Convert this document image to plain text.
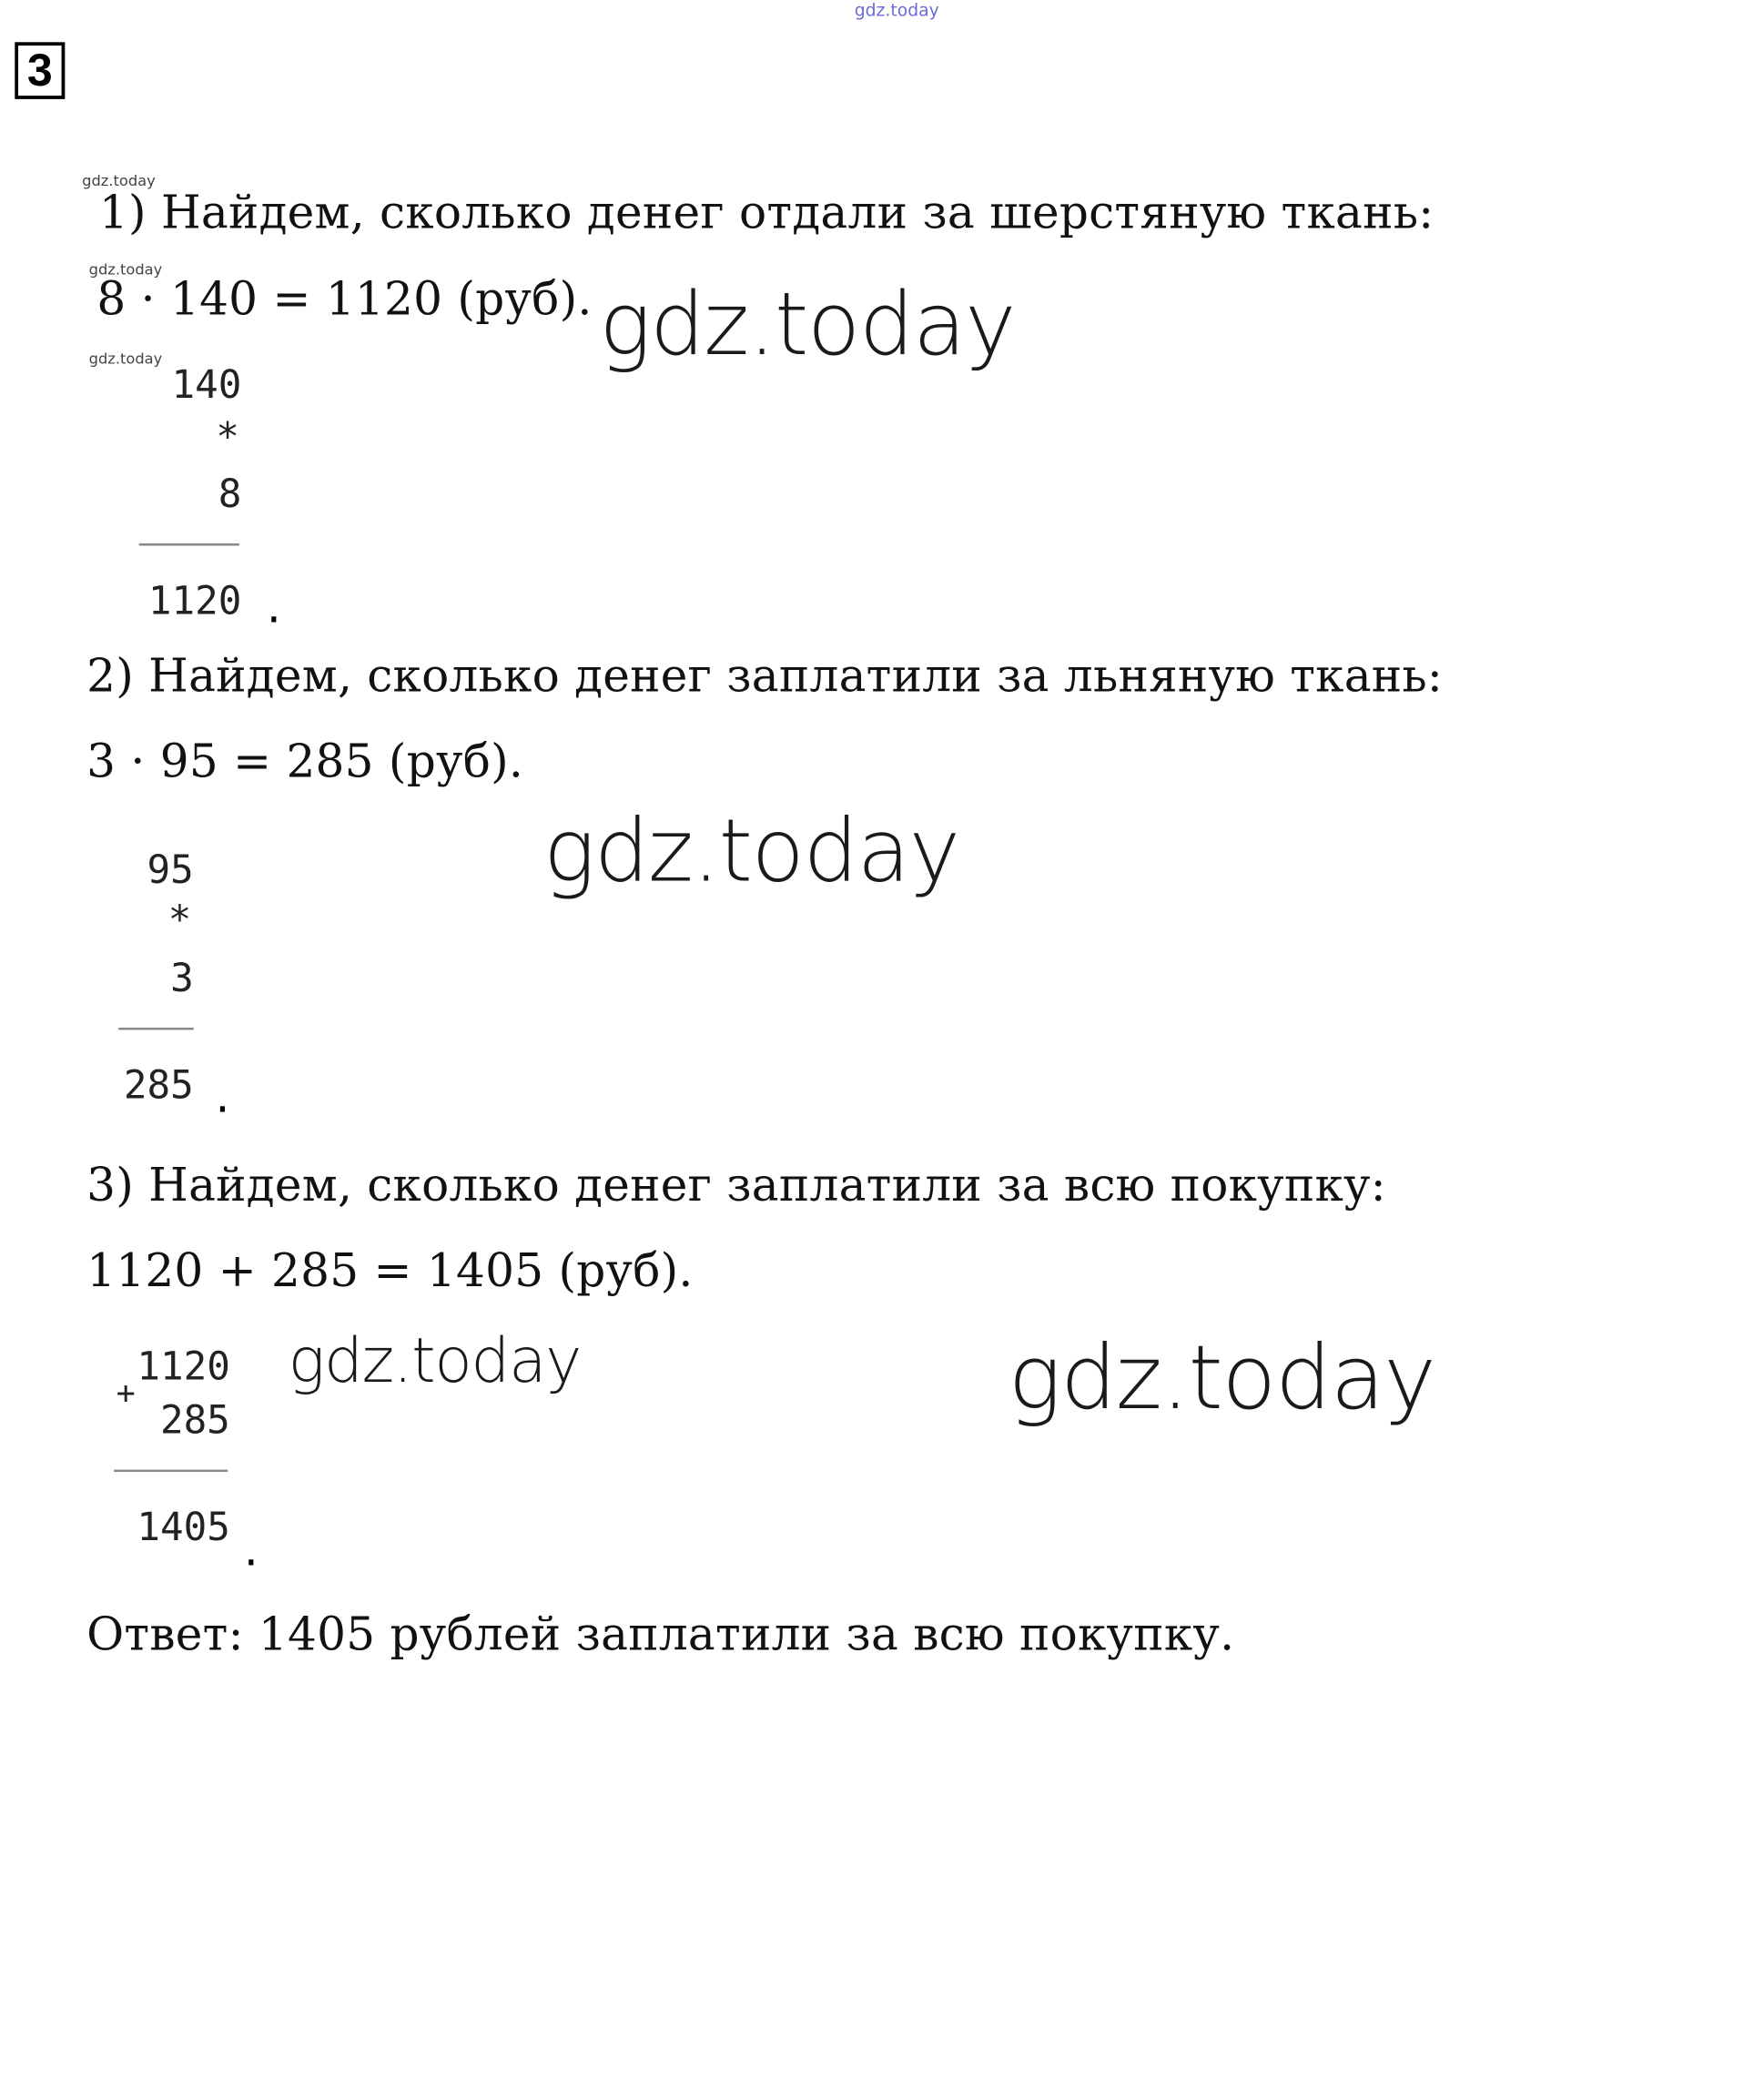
gdz.today
3
gdz.today
1) Найдем, сколько денег отдали за шерстяную ткань:
gdz.today
8 · 140 = 1120 (руб). gdz.today
gdz.today
140
*
8
1120 .
2) Найдем, сколько денег заплатили за льняную ткань:
3 · 95 = 285 (руб).
gdz.today
95
*
3
285 .
3) Найдем, сколько денег заплатили за всю покупку:
1120 + 285 = 1405 (руб).
1120
+
285
gdz.today	gdz.today
1405 .
Ответ: 1405 рублей заплатили за всю покупку.
